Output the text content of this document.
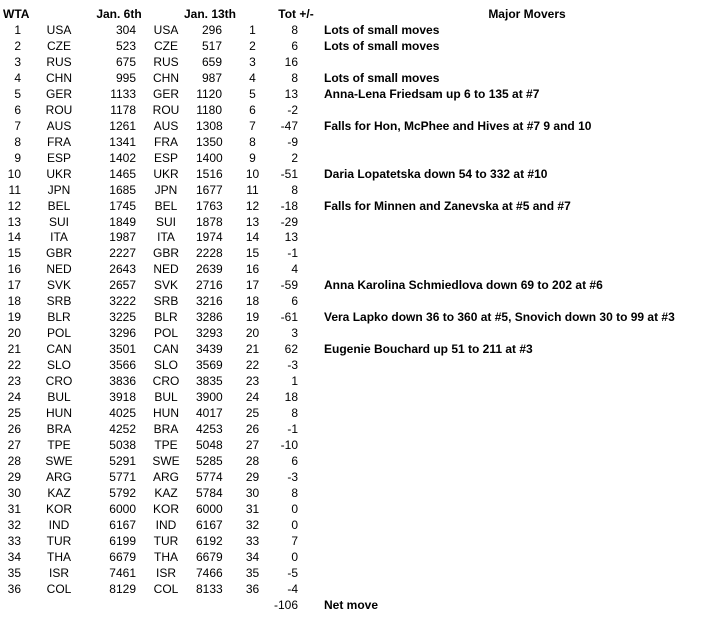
WTA	Jan. 6th	Jan. 13th	Tot +/-	Major Movers
1	USA	304	USA	296	1	8 Lots of small moves
2	CZE	523	CZE	517	2	6 Lots of small moves
3	RUS	675	RUS	659	3	16
4	CHN	995	CHN	987	4	8 Lots of small moves
5	GER	1133	GER	1120	5	13 Anna-Lena Friedsam up 6 to 135 at #7
6	ROU	1178	ROU	1180	6	-2
7	AUS	1261	AUS	1308	7	-47 Falls for Hon, McPhee and Hives at #7 9 and 10
8	FRA	1341	FRA	1350	8	-9
9	ESP	1402	ESP	1400	9	2
10	UKR	1465	UKR	1516	10	-51 Daria Lopatetska down 54 to 332 at #10
11	JPN	1685	JPN	1677	11	8
12	BEL	1745	BEL	1763	12	-18 Falls for Minnen and Zanevska at #5 and #7
13	SUI	1849	SUI	1878	13	-29
14	ITA	1987	ITA	1974	14	13
15	GBR	2227	GBR	2228	15	-1
16	NED	2643	NED	2639	16	4
17	SVK	2657	SVK	2716	17	-59 Anna Karolina Schmiedlova down 69 to 202 at #6
18	SRB	3222	SRB	3216	18	6
19	BLR	3225	BLR	3286	19	-61 Vera Lapko down 36 to 360 at #5, Snovich down 30 to 99 at #3
20	POL	3296	POL	3293	20	3
21	CAN	3501	CAN	3439	21	62 Eugenie Bouchard up 51 to 211 at #3
22	SLO	3566	SLO	3569	22	-3
23	CRO	3836	CRO	3835	23	1
24	BUL	3918	BUL	3900	24	18
25	HUN	4025	HUN	4017	25	8
26	BRA	4252	BRA	4253	26	-1
27	TPE	5038	TPE	5048	27	-10
28	SWE	5291	SWE	5285	28	6
29	ARG	5771	ARG	5774	29	-3
30	KAZ	5792	KAZ	5784	30	8
31	KOR	6000	KOR	6000	31	0
32	IND	6167	IND	6167	32	0
33	TUR	6199	TUR	6192	33	7
34	THA	6679	THA	6679	34	0
35	ISR	7461	ISR	7466	35	-5
36	COL	8129	COL	8133	36	-4
-106 Net move
